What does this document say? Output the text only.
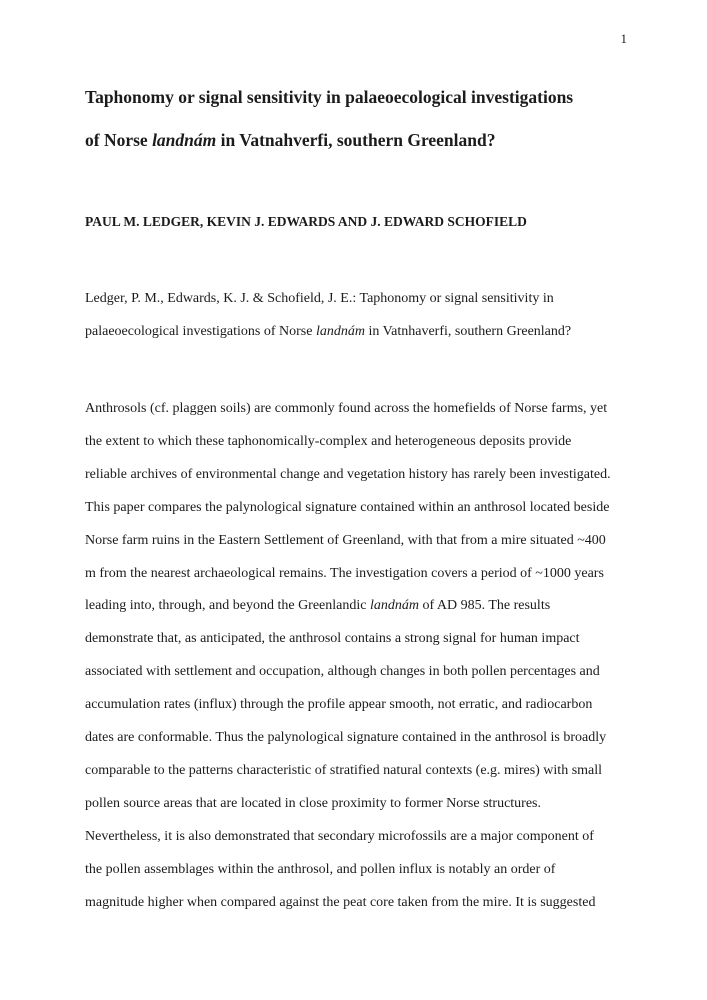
1
Taphonomy or signal sensitivity in palaeoecological investigations
of Norse landnám in Vatnahverfi, southern Greenland?
PAUL M. LEDGER, KEVIN J. EDWARDS AND J. EDWARD SCHOFIELD
Ledger, P. M., Edwards, K. J. & Schofield, J. E.: Taphonomy or signal sensitivity in
palaeoecological investigations of Norse landnám in Vatnhaverfi, southern Greenland?
Anthrosols (cf. plaggen soils) are commonly found across the homefields of Norse farms, yet
the extent to which these taphonomically-complex and heterogeneous deposits provide
reliable archives of environmental change and vegetation history has rarely been investigated.
This paper compares the palynological signature contained within an anthrosol located beside
Norse farm ruins in the Eastern Settlement of Greenland, with that from a mire situated ~400
m from the nearest archaeological remains. The investigation covers a period of ~1000 years
leading into, through, and beyond the Greenlandic landnám of AD 985. The results
demonstrate that, as anticipated, the anthrosol contains a strong signal for human impact
associated with settlement and occupation, although changes in both pollen percentages and
accumulation rates (influx) through the profile appear smooth, not erratic, and radiocarbon
dates are conformable. Thus the palynological signature contained in the anthrosol is broadly
comparable to the patterns characteristic of stratified natural contexts (e.g. mires) with small
pollen source areas that are located in close proximity to former Norse structures.
Nevertheless, it is also demonstrated that secondary microfossils are a major component of
the pollen assemblages within the anthrosol, and pollen influx is notably an order of
magnitude higher when compared against the peat core taken from the mire. It is suggested
